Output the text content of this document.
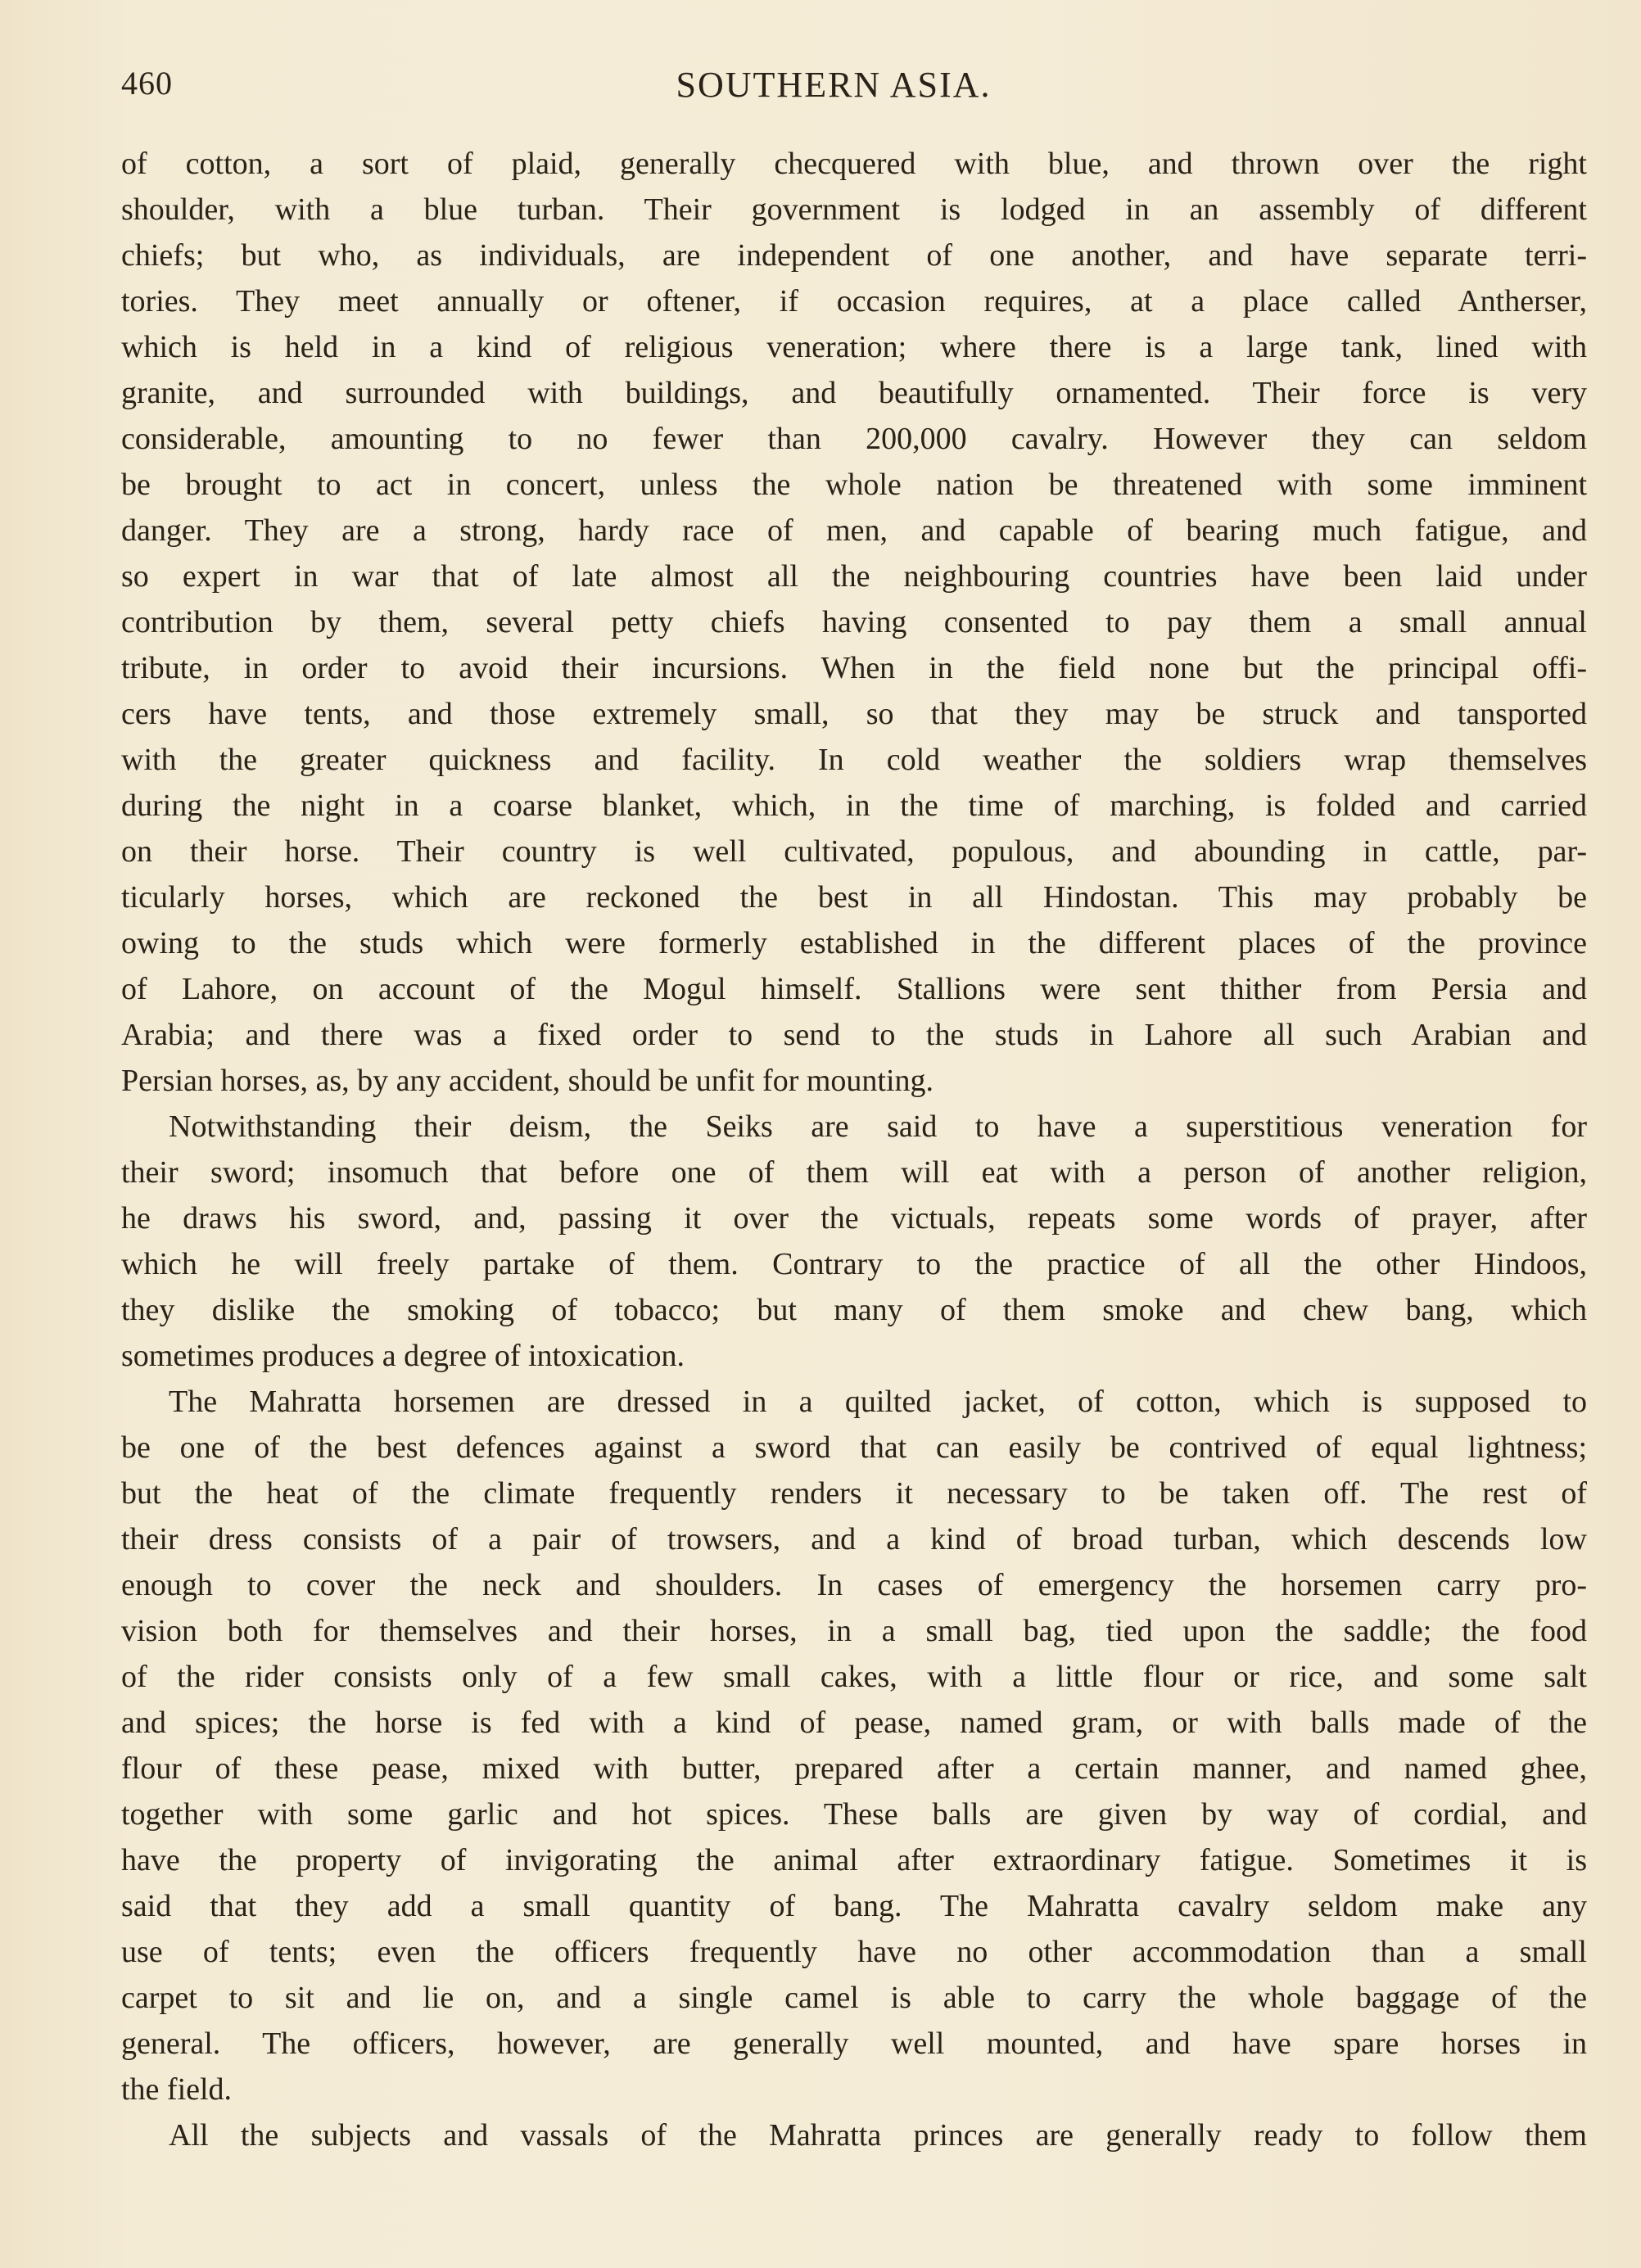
460	SOUTHERN ASIA.
of cotton, a sort of plaid, generally checquered with blue, and thrown over the right
shoulder, with a blue turban. Their government is lodged in an assembly of different
chiefs; but who, as individuals, are independent of one another, and have separate terri-
tories. They meet annually or oftener, if occasion requires, at a place called Antherser,
which is held in a kind of religious veneration; where there is a large tank, lined with
granite, and surrounded with buildings, and beautifully ornamented. Their force is very
considerable, amounting to no fewer than 200,000 cavalry. However they can seldom
be brought to act in concert, unless the whole nation be threatened with some imminent
danger. They are a strong, hardy race of men, and capable of bearing much fatigue, and
so expert in war that of late almost all the neighbouring countries have been laid under
contribution by them, several petty chiefs having consented to pay them a small annual
tribute, in order to avoid their incursions. When in the field none but the principal offi-
cers have tents, and those extremely small, so that they may be struck and tansported
with the greater quickness and facility. In cold weather the soldiers wrap themselves
during the night in a coarse blanket, which, in the time of marching, is folded and carried
on their horse. Their country is well cultivated, populous, and abounding in cattle, par-
ticularly horses, which are reckoned the best in all Hindostan. This may probably be
owing to the studs which were formerly established in the different places of the province
of Lahore, on account of the Mogul himself. Stallions were sent thither from Persia and
Arabia; and there was a fixed order to send to the studs in Lahore all such Arabian and
Persian horses, as, by any accident, should be unfit for mounting.
Notwithstanding their deism, the Seiks are said to have a superstitious veneration for
their sword; insomuch that before one of them will eat with a person of another religion,
he draws his sword, and, passing it over the victuals, repeats some words of prayer, after
which he will freely partake of them. Contrary to the practice of all the other Hindoos,
they dislike the smoking of tobacco; but many of them smoke and chew bang, which
sometimes produces a degree of intoxication.
The Mahratta horsemen are dressed in a quilted jacket, of cotton, which is supposed to
be one of the best defences against a sword that can easily be contrived of equal lightness;
but the heat of the climate frequently renders it necessary to be taken off. The rest of
their dress consists of a pair of trowsers, and a kind of broad turban, which descends low
enough to cover the neck and shoulders. In cases of emergency the horsemen carry pro-
vision both for themselves and their horses, in a small bag, tied upon the saddle; the food
of the rider consists only of a few small cakes, with a little flour or rice, and some salt
and spices; the horse is fed with a kind of pease, named gram, or with balls made of the
flour of these pease, mixed with butter, prepared after a certain manner, and named ghee,
together with some garlic and hot spices. These balls are given by way of cordial, and
have the property of invigorating the animal after extraordinary fatigue. Sometimes it is
said that they add a small quantity of bang. The Mahratta cavalry seldom make any
use of tents; even the officers frequently have no other accommodation than a small
carpet to sit and lie on, and a single camel is able to carry the whole baggage of the
general. The officers, however, are generally well mounted, and have spare horses in
the field.
All the subjects and vassals of the Mahratta princes are generally ready to follow them
